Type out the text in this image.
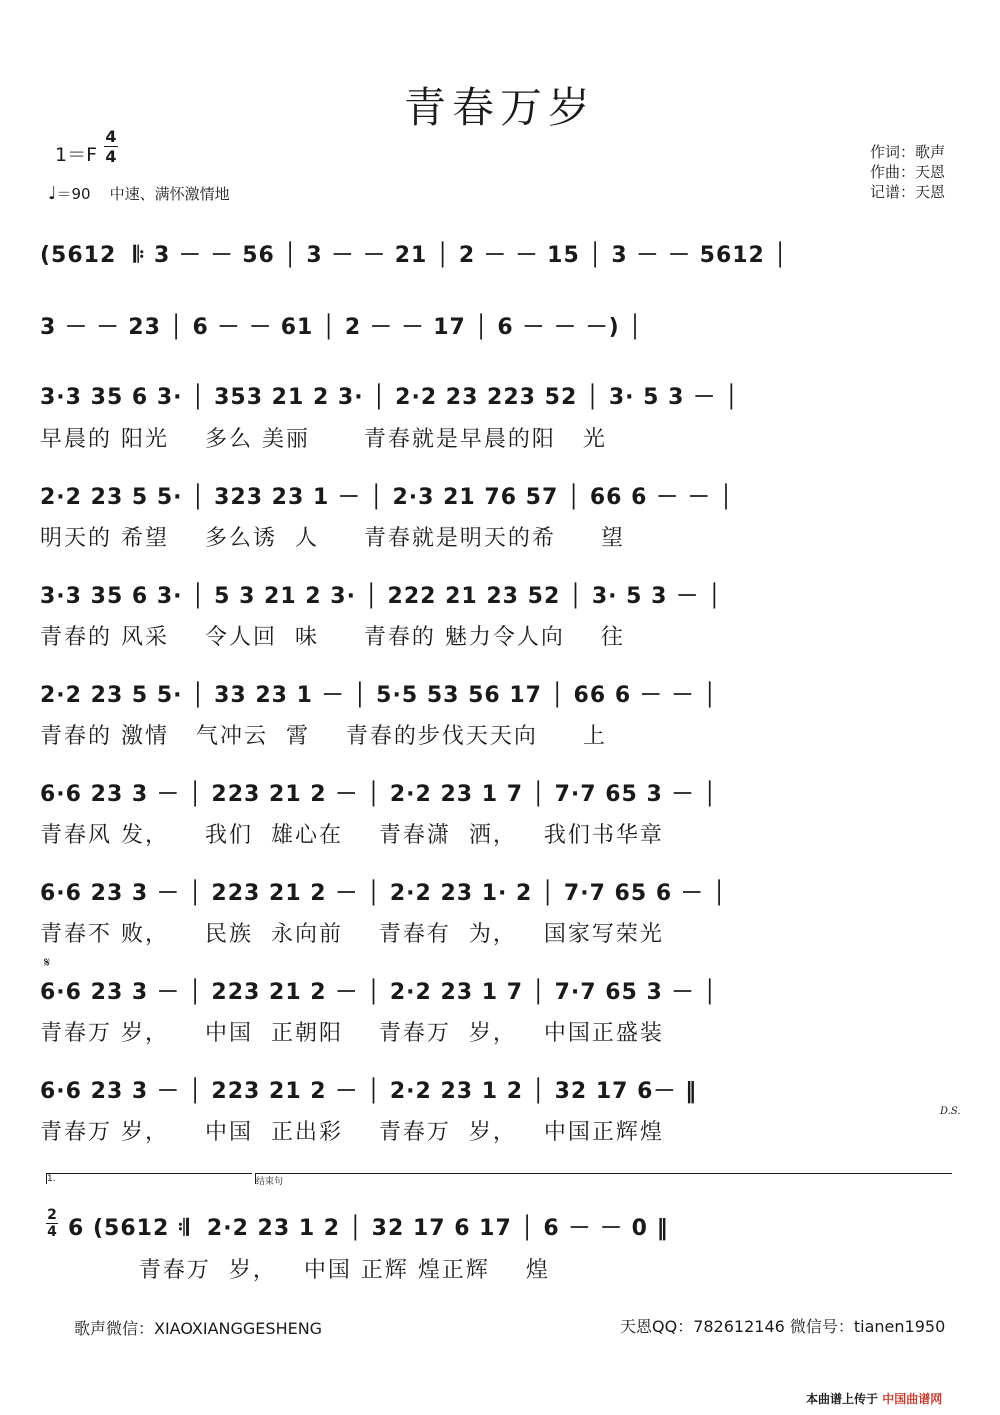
青春万岁
1＝F
4
4
♩＝90 中速、满怀激情地
作词：歌声
作曲：天恩
记谱：天恩
(5612  𝄆 3 － － 56 │ 3 － － 21 │ 2 － － 15 │ 3 － － 5612 │
3 － － 23 │ 6 － － 61 │ 2 － － 17 │ 6 － － －) │
3·3 35 6 3· │ 353 21 2 3· │ 2·2 23 223 52 │ 3· 5 3 － │
早晨的 阳光    多么 美丽      青春就是早晨的阳   光
2·2 23 5 5· │ 323 23 1 － │ 2·3 21 76 57 │ 66 6 － － │
明天的 希望    多么诱  人     青春就是明天的希     望
3·3 35 6 3· │ 5 3 21 2 3· │ 222 21 23 52 │ 3· 5 3 － │
青春的 风采    令人回  味     青春的 魅力令人向    往
2·2 23 5 5· │ 33 23 1 － │ 5·5 53 56 17 │ 66 6 － － │
青春的 激情   气冲云  霄    青春的步伐天天向     上
6·6 23 3 － │ 223 21 2 － │ 2·2 23 1 7 │ 7·7 65 3 － │
青春风 发，    我们  雄心在    青春潇  洒，   我们书华章
6·6 23 3 － │ 223 21 2 － │ 2·2 23 1· 2 │ 7·7 65 6 － │
青春不 败，    民族  永向前    青春有  为，   国家写荣光
𝄋
6·6 23 3 － │ 223 21 2 － │ 2·2 23 1 7 │ 7·7 65 3 － │
青春万 岁，    中国  正朝阳    青春万  岁，   中国正盛装
6·6 23 3 － │ 223 21 2 － │ 2·2 23 1 2 │ 32 17 6－ ‖
D.S.
青春万 岁，    中国  正出彩    青春万  岁，   中国正辉煌
1.	结束句
2
4 6 (5612 𝄇  2·2 23 1 2 │ 32 17 6 17 │ 6 － － 0 ‖
青春万  岁，   中国 正辉 煌正辉    煌
歌声微信：XIAOXIANGGESHENG	天恩QQ：782612146 微信号：tianen1950
本曲谱上传于 中国曲谱网
